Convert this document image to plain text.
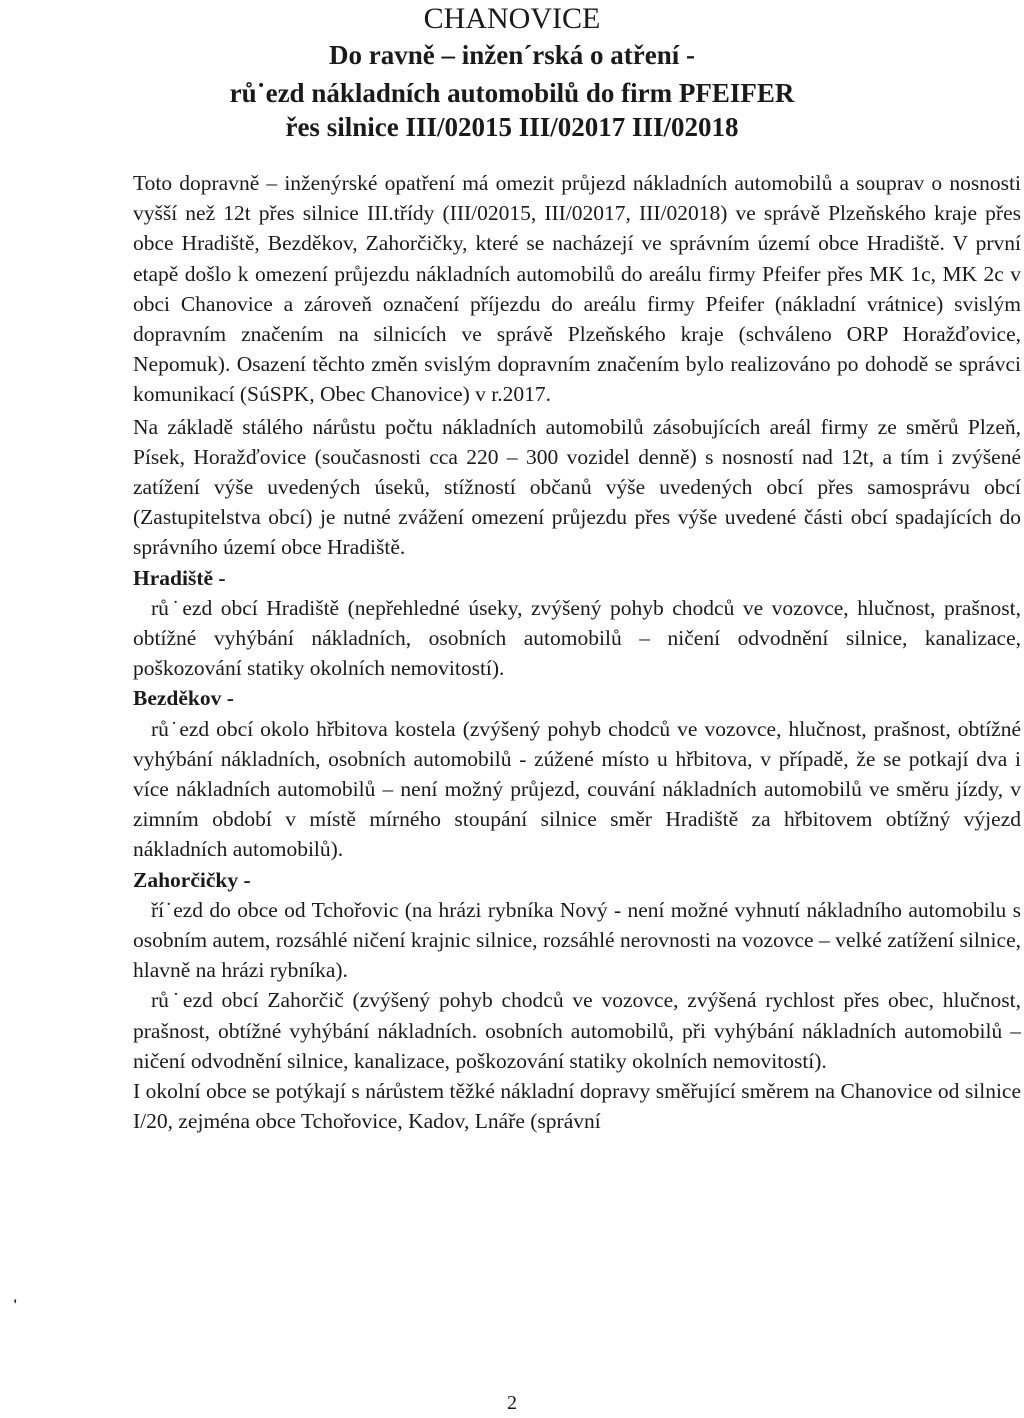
CHANOVICE
Do ravně – inžen´rská o atření -
rů˙ezd nákladních automobilů do firm PFEIFER
řes silnice III/02015 III/02017 III/02018
'

Toto dopravně – inženýrské opatření má omezit průjezd nákladních automobilů a souprav o nosnosti vyšší než 12t přes silnice III.třídy (III/02015, III/02017, III/02018) ve správě Plzeňského kraje přes obce Hradiště, Bezděkov, Zahorčičky, které se nacházejí ve správním území obce Hradiště. V první etapě došlo k omezení průjezdu nákladních automobilů do areálu firmy Pfeifer přes MK 1c, MK 2c v obci Chanovice a zároveň označení příjezdu do areálu firmy Pfeifer (nákladní vrátnice) svislým dopravním značením na silnicích ve správě Plzeňského kraje (schváleno ORP Horažďovice, Nepomuk). Osazení těchto změn svislým dopravním značením bylo realizováno po dohodě se správci komunikací (SúSPK, Obec Chanovice) v r.2017.

Na základě stálého nárůstu počtu nákladních automobilů zásobujících areál firmy ze směrů Plzeň, Písek, Horažďovice (současnosti cca 220 – 300 vozidel denně) s nosností nad 12t, a tím i zvýšené zatížení výše uvedených úseků, stížností občanů výše uvedených obcí přes samosprávu obcí (Zastupitelstva obcí) je nutné zvážení omezení průjezdu přes výše uvedené části obcí spadajících do správního území obce Hradiště.

Hradiště -

rů˙ezd obcí Hradiště (nepřehledné úseky, zvýšený pohyb chodců ve vozovce, hlučnost, prašnost, obtížné vyhýbání nákladních, osobních automobilů – ničení odvodnění silnice, kanalizace, poškozování statiky okolních nemovitostí).

Bezděkov -

rů˙ezd obcí okolo hřbitova kostela (zvýšený pohyb chodců ve vozovce, hlučnost, prašnost, obtížné vyhýbání nákladních, osobních automobilů - zúžené místo u hřbitova, v případě, že se potkají dva i více nákladních automobilů – není možný průjezd, couvání nákladních automobilů ve směru jízdy, v zimním období v místě mírného stoupání silnice směr Hradiště za hřbitovem obtížný výjezd nákladních automobilů).

Zahorčičky -

ří˙ezd do obce od Tchořovic (na hrázi rybníka Nový - není možné vyhnutí nákladního automobilu s osobním autem, rozsáhlé ničení krajnic silnice, rozsáhlé nerovnosti na vozovce – velké zatížení silnice, hlavně na hrázi rybníka).

rů˙ezd obcí Zahorčič (zvýšený pohyb chodců ve vozovce, zvýšená rychlost přes obec, hlučnost, prašnost, obtížné vyhýbání nákladních. osobních automobilů, při vyhýbání nákladních automobilů – ničení odvodnění silnice, kanalizace, poškozování statiky okolních nemovitostí).

I okolní obce se potýkají s nárůstem těžké nákladní dopravy směřující směrem na Chanovice od silnice I/20, zejména obce Tchořovice, Kadov, Lnáře (správní

2
